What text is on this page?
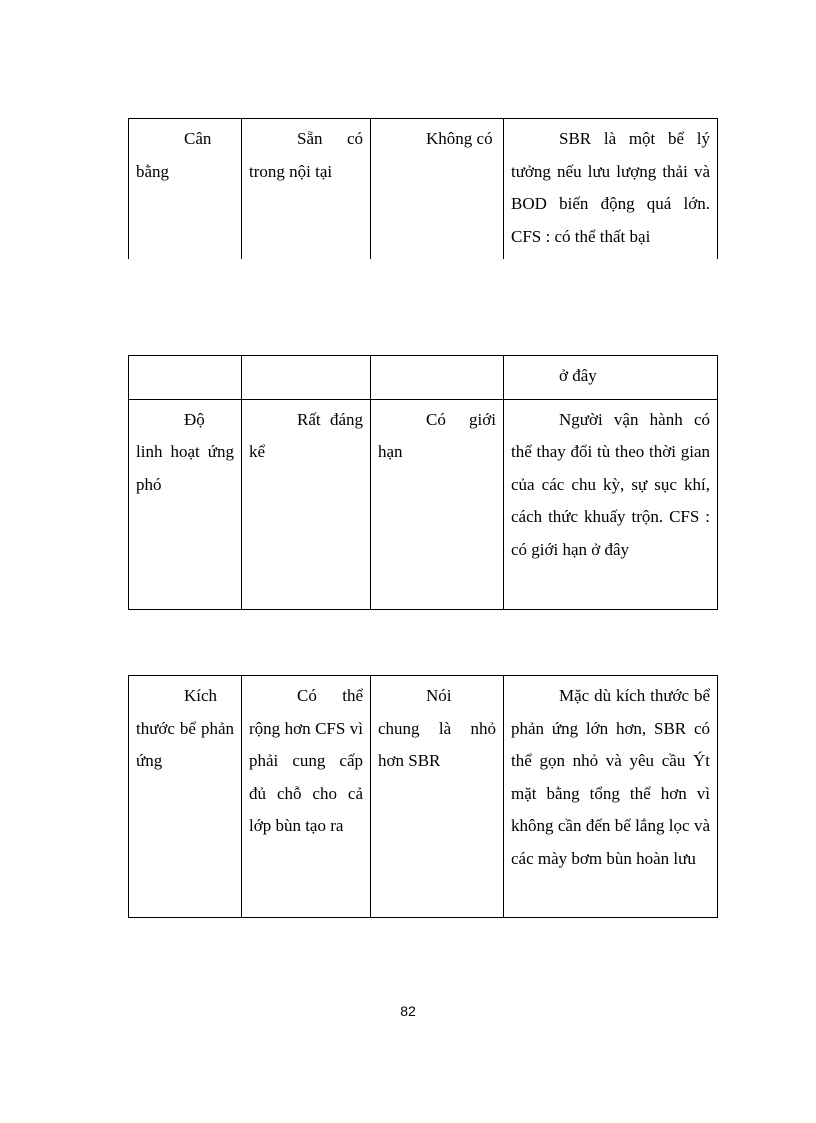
Cân bằng	Sẵn có trong nội tại	Không có	SBR là một bể lý tưởng nếu lưu lượng thải và BOD biến động quá lớn. CFS : có thể thất bại
			ở đây
Độ linh hoạt ứng phó	Rất đáng kể	Có giới hạn	Người vận hành có thể thay đổi tù theo thời gian của các chu kỳ, sự sục khí, cách thức khuấy trộn. CFS : có giới hạn ở đây
Kích thước bể phản ứng	Có thể rộng hơn CFS vì phải cung cấp đủ chỗ cho cả lớp bùn tạo ra	Nói chung là nhỏ hơn SBR	Mặc dù kích thước bể phản ứng lớn hơn, SBR có thể gọn nhỏ và yêu cầu Ýt mặt bằng tổng thể hơn vì không cần đến bể lắng lọc và các mày bơm bùn hoàn lưu
82
